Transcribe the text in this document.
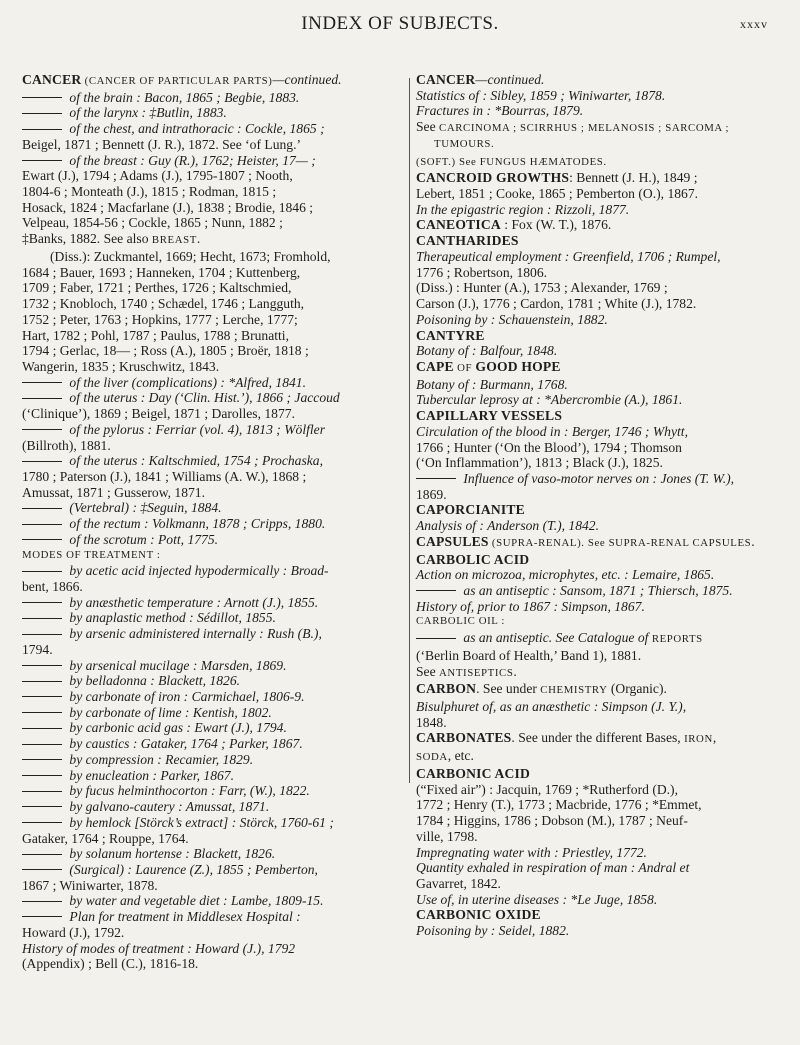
INDEX OF SUBJECTS.	xxxv
CANCER (CANCER OF PARTICULAR PARTS)—continued.
of the brain : Bacon, 1865 ; Begbie, 1883.
of the larynx : ‡Butlin, 1883.
of the chest, and intrathoracic : Cockle, 1865 ;
Beigel, 1871 ; Bennett (J. R.), 1872. See ‘of Lung.’
of the breast : Guy (R.), 1762; Heister, 17— ;
Ewart (J.), 1794 ; Adams (J.), 1795-1807 ; Nooth,
1804-6 ; Monteath (J.), 1815 ; Rodman, 1815 ;
Hosack, 1824 ; Macfarlane (J.), 1838 ; Brodie, 1846 ;
Velpeau, 1854-56 ; Cockle, 1865 ; Nunn, 1882 ;
‡Banks, 1882. See also BREAST.
(Diss.): Zuckmantel, 1669; Hecht, 1673; Fromhold,
1684 ; Bauer, 1693 ; Hanneken, 1704 ; Kuttenberg,
1709 ; Faber, 1721 ; Perthes, 1726 ; Kaltschmied,
1732 ; Knobloch, 1740 ; Schædel, 1746 ; Langguth,
1752 ; Peter, 1763 ; Hopkins, 1777 ; Lerche, 1777;
Hart, 1782 ; Pohl, 1787 ; Paulus, 1788 ; Brunatti,
1794 ; Gerlac, 18— ; Ross (A.), 1805 ; Broër, 1818 ;
Wangerin, 1835 ; Kruschwitz, 1843.
of the liver (complications) : *Alfred, 1841.
of the uterus : Day (‘Clin. Hist.’), 1866 ; Jaccoud
(‘Clinique’), 1869 ; Beigel, 1871 ; Darolles, 1877.
of the pylorus : Ferriar (vol. 4), 1813 ; Wölfler
(Billroth), 1881.
of the uterus : Kaltschmied, 1754 ; Prochaska,
1780 ; Paterson (J.), 1841 ; Williams (A. W.), 1868 ;
Amussat, 1871 ; Gusserow, 1871.
(Vertebral) : ‡Seguin, 1884.
of the rectum : Volkmann, 1878 ; Cripps, 1880.
of the scrotum : Pott, 1775.
MODES OF TREATMENT :
by acetic acid injected hypodermically : Broad-
bent, 1866.
by anæsthetic temperature : Arnott (J.), 1855.
by anaplastic method : Sédillot, 1855.
by arsenic administered internally : Rush (B.),
1794.
by arsenical mucilage : Marsden, 1869.
by belladonna : Blackett, 1826.
by carbonate of iron : Carmichael, 1806-9.
by carbonate of lime : Kentish, 1802.
by carbonic acid gas : Ewart (J.), 1794.
by caustics : Gataker, 1764 ; Parker, 1867.
by compression : Recamier, 1829.
by enucleation : Parker, 1867.
by fucus helminthocorton : Farr, (W.), 1822.
by galvano-cautery : Amussat, 1871.
by hemlock [Störck’s extract] : Störck, 1760-61 ;
Gataker, 1764 ; Rouppe, 1764.
by solanum hortense : Blackett, 1826.
(Surgical) : Laurence (Z.), 1855 ; Pemberton,
1867 ; Winiwarter, 1878.
by water and vegetable diet : Lambe, 1809-15.
Plan for treatment in Middlesex Hospital :
Howard (J.), 1792.
History of modes of treatment : Howard (J.), 1792
(Appendix) ; Bell (C.), 1816-18.
CANCER—continued.
Statistics of : Sibley, 1859 ; Winiwarter, 1878.
Fractures in : *Bourras, 1879.
See CARCINOMA ; SCIRRHUS ; MELANOSIS ; SARCOMA ;
TUMOURS.
(SOFT.) See FUNGUS HÆMATODES.
CANCROID GROWTHS: Bennett (J. H.), 1849 ;
Lebert, 1851 ; Cooke, 1865 ; Pemberton (O.), 1867.
In the epigastric region : Rizzoli, 1877.
CANEOTICA : Fox (W. T.), 1876.
CANTHARIDES
Therapeutical employment : Greenfield, 1706 ; Rumpel,
1776 ; Robertson, 1806.
(Diss.) : Hunter (A.), 1753 ; Alexander, 1769 ;
Carson (J.), 1776 ; Cardon, 1781 ; White (J.), 1782.
Poisoning by : Schauenstein, 1882.
CANTYRE
Botany of : Balfour, 1848.
CAPE OF GOOD HOPE
Botany of : Burmann, 1768.
Tubercular leprosy at : *Abercrombie (A.), 1861.
CAPILLARY VESSELS
Circulation of the blood in : Berger, 1746 ; Whytt,
1766 ; Hunter (‘On the Blood’), 1794 ; Thomson
(‘On Inflammation’), 1813 ; Black (J.), 1825.
Influence of vaso-motor nerves on : Jones (T. W.),
1869.
CAPORCIANITE
Analysis of : Anderson (T.), 1842.
CAPSULES (SUPRA-RENAL). See SUPRA-RENAL CAPSULES.
CARBOLIC ACID
Action on microzoa, microphytes, etc. : Lemaire, 1865.
as an antiseptic : Sansom, 1871 ; Thiersch, 1875.
History of, prior to 1867 : Simpson, 1867.
CARBOLIC OIL :
as an antiseptic. See Catalogue of REPORTS
(‘Berlin Board of Health,’ Band 1), 1881.
See ANTISEPTICS.
CARBON. See under CHEMISTRY (Organic).
Bisulphuret of, as an anæsthetic : Simpson (J. Y.),
1848.
CARBONATES. See under the different Bases, IRON,
SODA, etc.
CARBONIC ACID
(“Fixed air”) : Jacquin, 1769 ; *Rutherford (D.),
1772 ; Henry (T.), 1773 ; Macbride, 1776 ; *Emmet,
1784 ; Higgins, 1786 ; Dobson (M.), 1787 ; Neuf-
ville, 1798.
Impregnating water with : Priestley, 1772.
Quantity exhaled in respiration of man : Andral et
Gavarret, 1842.
Use of, in uterine diseases : *Le Juge, 1858.
CARBONIC OXIDE
Poisoning by : Seidel, 1882.
